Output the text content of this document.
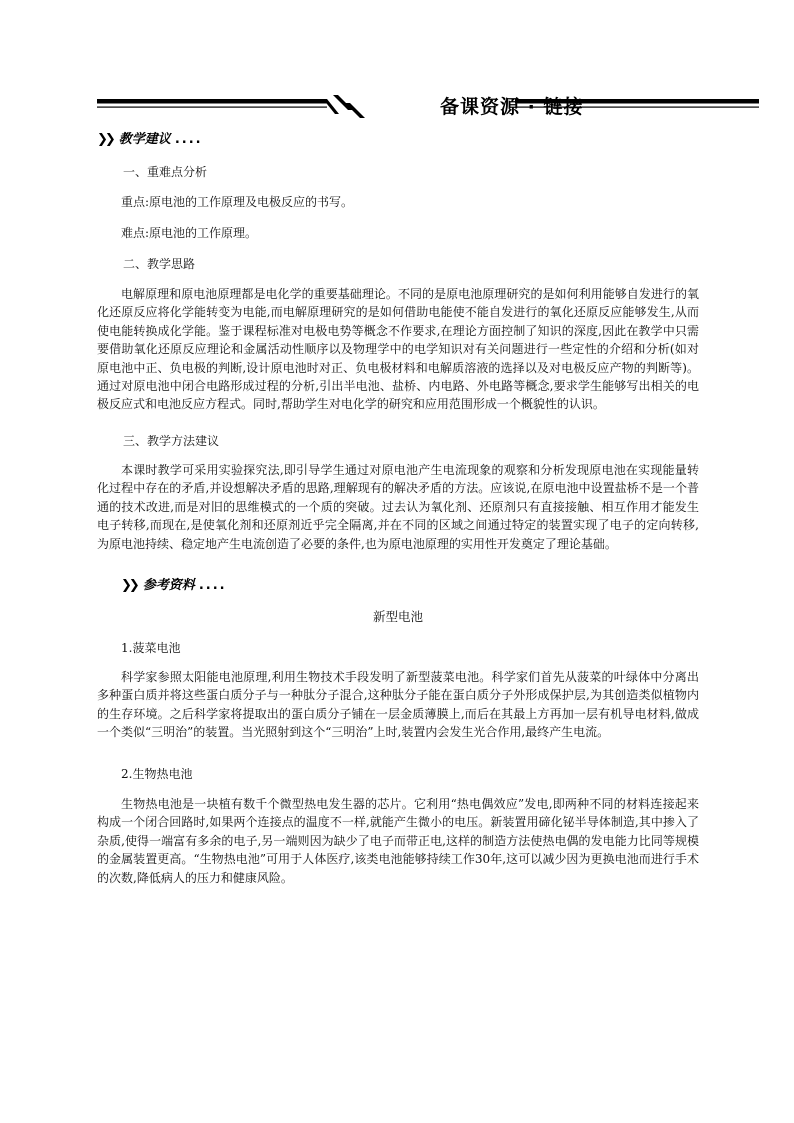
备课资源 · 链接
❯❯ 教学建议 ....
一、重难点分析
重点:原电池的工作原理及电极反应的书写。
难点:原电池的工作原理。
二、教学思路

电解原理和原电池原理都是电化学的重要基础理论。不同的是原电池原理研究的是如何利用能够自发进行的氧化还原反应将化学能转变为电能,而电解原理研究的是如何借助电能使不能自发进行的氧化还原反应能够发生,从而使电能转换成化学能。鉴于课程标准对电极电势等概念不作要求,在理论方面控制了知识的深度,因此在教学中只需要借助氧化还原反应理论和金属活动性顺序以及物理学中的电学知识对有关问题进行一些定性的介绍和分析(如对原电池中正、负电极的判断,设计原电池时对正、负电极材料和电解质溶液的选择以及对电极反应产物的判断等)。通过对原电池中闭合电路形成过程的分析,引出半电池、盐桥、内电路、外电路等概念,要求学生能够写出相关的电极反应式和电池反应方程式。同时,帮助学生对电化学的研究和应用范围形成一个概貌性的认识。

三、教学方法建议

本课时教学可采用实验探究法,即引导学生通过对原电池产生电流现象的观察和分析发现原电池在实现能量转化过程中存在的矛盾,并设想解决矛盾的思路,理解现有的解决矛盾的方法。应该说,在原电池中设置盐桥不是一个普通的技术改进,而是对旧的思维模式的一个质的突破。过去认为氧化剂、还原剂只有直接接触、相互作用才能发生电子转移,而现在,是使氧化剂和还原剂近乎完全隔离,并在不同的区域之间通过特定的装置实现了电子的定向转移,为原电池持续、稳定地产生电流创造了必要的条件,也为原电池原理的实用性开发奠定了理论基础。

❯❯ 参考资料 ....
新型电池
1.菠菜电池

科学家参照太阳能电池原理,利用生物技术手段发明了新型菠菜电池。科学家们首先从菠菜的叶绿体中分离出多种蛋白质并将这些蛋白质分子与一种肽分子混合,这种肽分子能在蛋白质分子外形成保护层,为其创造类似植物内的生存环境。之后科学家将提取出的蛋白质分子铺在一层金质薄膜上,而后在其最上方再加一层有机导电材料,做成一个类似“三明治”的装置。当光照射到这个“三明治”上时,装置内会发生光合作用,最终产生电流。

2.生物热电池

生物热电池是一块植有数千个微型热电发生器的芯片。它利用“热电偶效应”发电,即两种不同的材料连接起来构成一个闭合回路时,如果两个连接点的温度不一样,就能产生微小的电压。新装置用碲化铋半导体制造,其中掺入了杂质,使得一端富有多余的电子,另一端则因为缺少了电子而带正电,这样的制造方法使热电偶的发电能力比同等规模的金属装置更高。“生物热电池”可用于人体医疗,该类电池能够持续工作30年,这可以减少因为更换电池而进行手术的次数,降低病人的压力和健康风险。
